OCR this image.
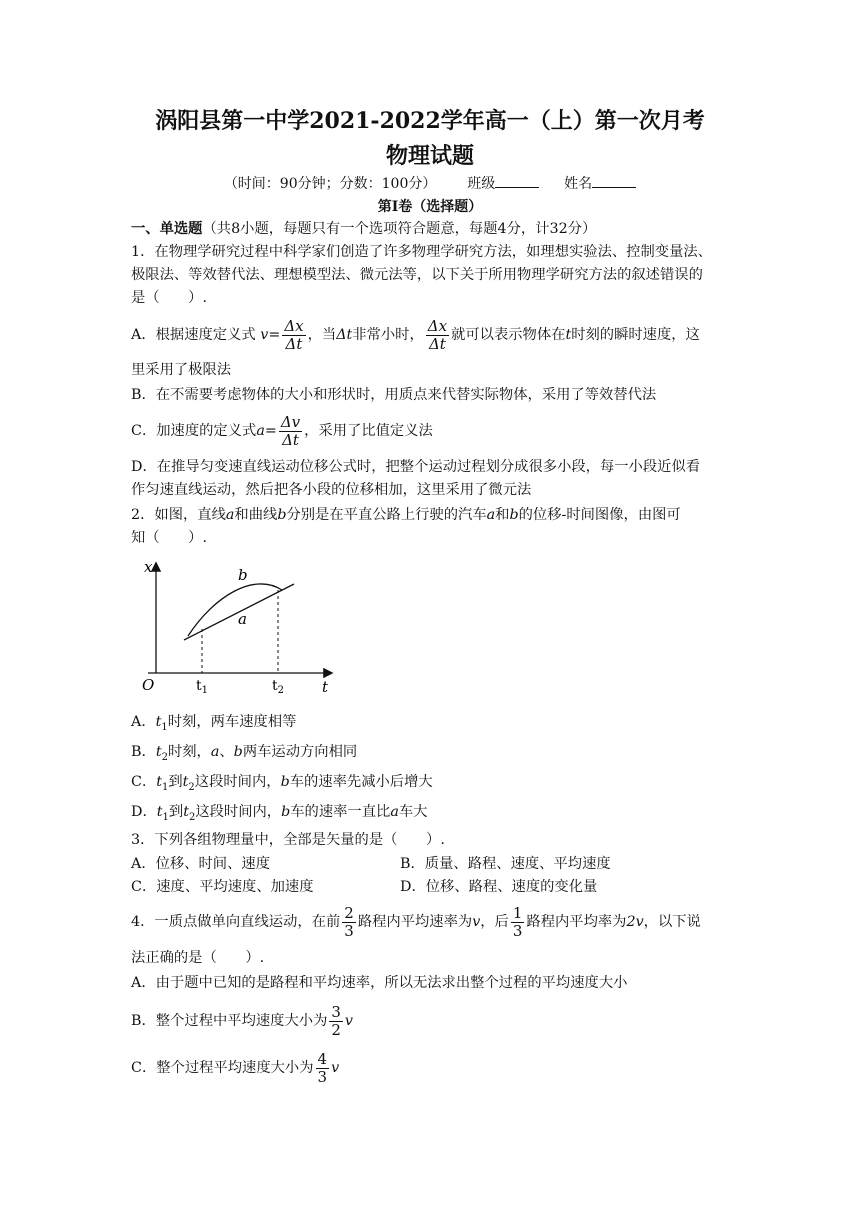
涡阳县第一中学2021-2022学年高一（上）第一次月考
物理试题
（时间：90分钟；分数：100分） 班级	姓名
第Ⅰ卷（选择题）
一、单选题（共8小题，每题只有一个选项符合题意，每题4分，计32分）
1．在物理学研究过程中科学家们创造了许多物理学研究方法，如理想实验法、控制变量法、
极限法、等效替代法、理想模型法、微元法等，以下关于所用物理学研究方法的叙述错误的
是（　　）.
A．根据速度定义式 $v= \frac{\Delta x}{\Delta t}$ ，当Δt非常小时， $\frac{\Delta x}{\Delta t}$ 就可以表示物体在t时刻的瞬时速度，这
里采用了极限法
B．在不需要考虑物体的大小和形状时，用质点来代替实际物体，采用了等效替代法
C．加速度的定义式$a= \frac{\Delta v}{\Delta t}$ ，采用了比值定义法
D．在推导匀变速直线运动位移公式时，把整个运动过程划分成很多小段，每一小段近似看
作匀速直线运动，然后把各小段的位移相加，这里采用了微元法
2．如图，直线a和曲线b分别是在平直公路上行驶的汽车a和b的位移-时间图像，由图可
知（　　）.
x
t
O	$t_1$	$t_2$
b
a
A．$t_1$时刻，两车速度相等
B．$t_2$时刻，a、b两车运动方向相同
C．$t_1$到$t_2$这段时间内，b车的速率先减小后增大
D．$t_1$到$t_2$这段时间内，b车的速率一直比a车大
3．下列各组物理量中，全部是矢量的是（　　）.
A．位移、时间、速度	B．质量、路程、速度、平均速度
C．速度、平均速度、加速度	D．位移、路程、速度的变化量
4．一质点做单向直线运动，在前 $\frac{2}{3}$ 路程内平均速率为v，后 $\frac{1}{3}$ 路程内平均率为2v，以下说
法正确的是（　　）.
A．由于题中已知的是路程和平均速率，所以无法求出整个过程的平均速度大小
B．整个过程中平均速度大小为 $\frac{3}{2}$ v
C．整个过程平均速度大小为 $\frac{4}{3}$ v
